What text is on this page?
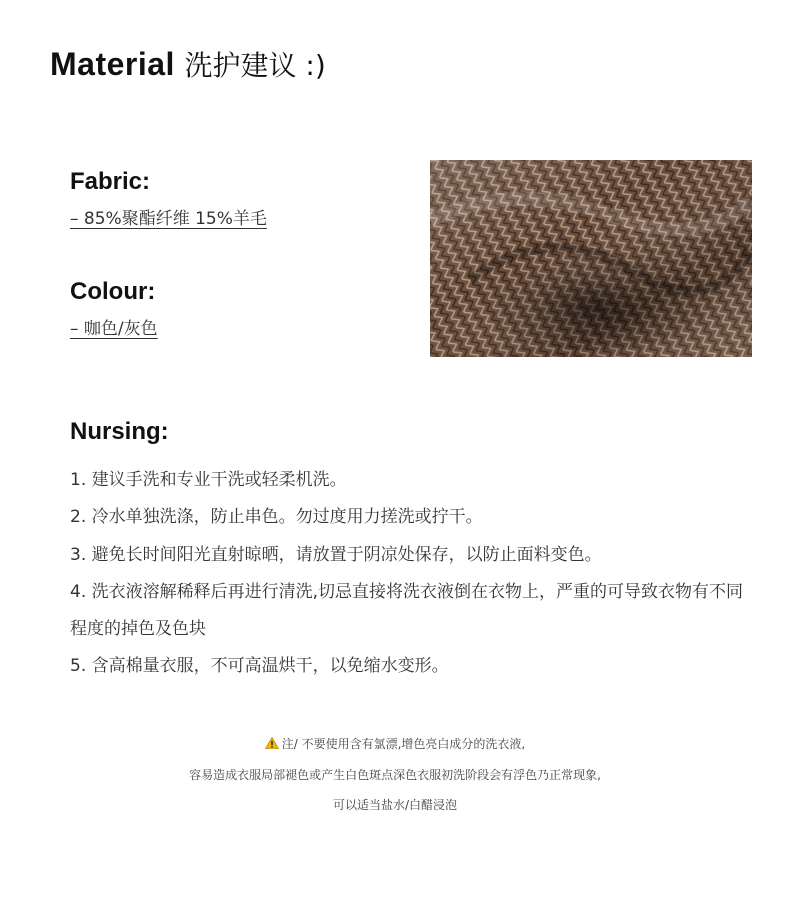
Material 洗护建议 :)
Fabric:
– 85%聚酯纤维 15%羊毛
Colour:
– 咖色/灰色
Nursing:
1. 建议手洗和专业干洗或轻柔机洗。
2. 冷水单独洗涤，防止串色。勿过度用力搓洗或拧干。
3. 避免长时间阳光直射晾晒，请放置于阴凉处保存，以防止面料变色。
4. 洗衣液溶解稀释后再进行清洗,切忌直接将洗衣液倒在衣物上，严重的可导致衣物有不同程度的掉色及色块
5. 含高棉量衣服，不可高温烘干，以免缩水变形。
注/ 不要使用含有氯漂,增色亮白成分的洗衣液,
容易造成衣服局部褪色或产生白色斑点深色衣服初洗阶段会有浮色乃正常现象,
可以适当盐水/白醋浸泡
